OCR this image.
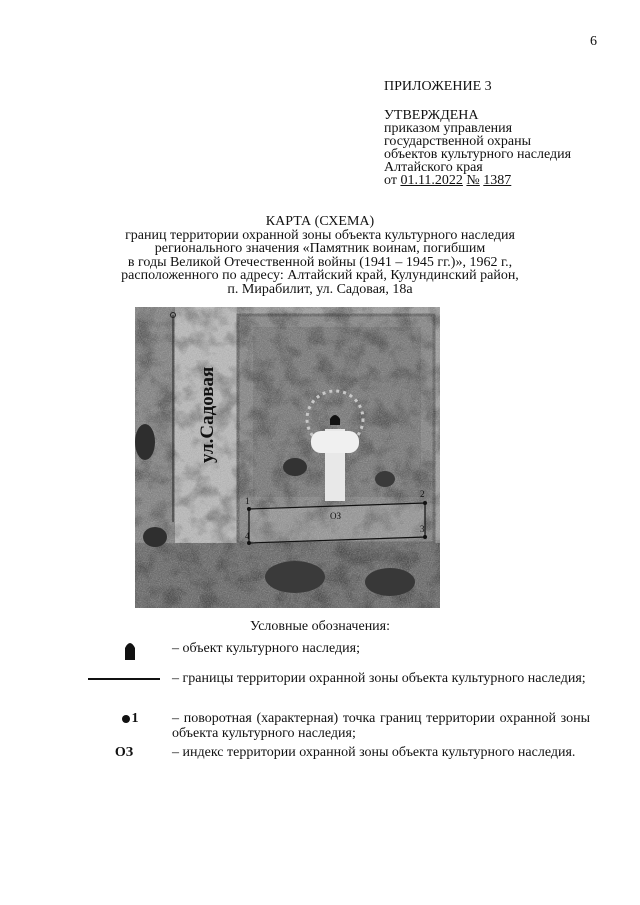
6
ПРИЛОЖЕНИЕ 3
УТВЕРЖДЕНА
приказом управления
государственной охраны
объектов культурного наследия
Алтайского края
от 01.11.2022 № 1387
КАРТА (СХЕМА)
границ территории охранной зоны объекта культурного наследия
регионального значения «Памятник воинам, погибшим
в годы Великой Отечественной войны (1941 – 1945 гг.)», 1962 г.,
расположенного по адресу: Алтайский край, Кулундинский район,
п. Мирабилит, ул. Садовая, 18а
ул.Садовая
ОЗ
1
2
3
4
Условные обозначения:
– объект культурного наследия;
– границы территории охранной зоны объекта культурного наследия;
1	– поворотная (характерная) точка границ территории охранной зоны объекта культурного наследия;
ОЗ	– индекс территории охранной зоны объекта культурного наследия.
